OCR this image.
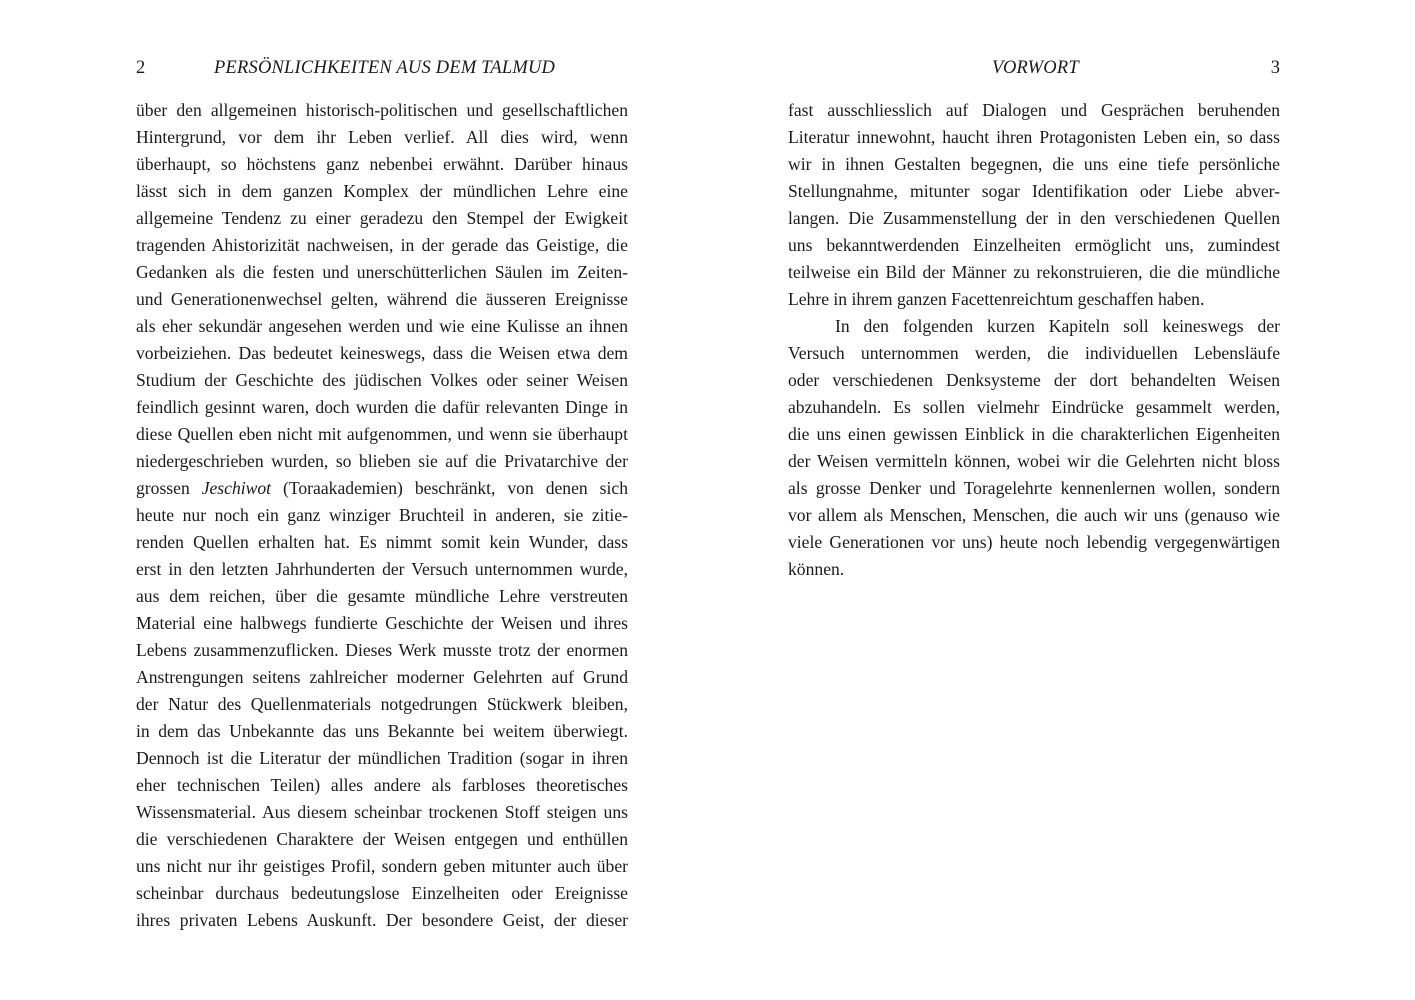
2	PERSÖNLICHKEITEN AUS DEM TALMUD
über den allgemeinen historisch-politischen und gesellschaftlichen
Hintergrund, vor dem ihr Leben verlief. All dies wird, wenn
überhaupt, so höchstens ganz nebenbei erwähnt. Darüber hinaus
lässt sich in dem ganzen Komplex der mündlichen Lehre eine
allgemeine Tendenz zu einer geradezu den Stempel der Ewigkeit
tragenden Ahistorizität nachweisen, in der gerade das Geistige, die
Gedanken als die festen und unerschütterlichen Säulen im Zeiten-
und Generationenwechsel gelten, während die äusseren Ereignisse
als eher sekundär angesehen werden und wie eine Kulisse an ihnen
vorbeiziehen. Das bedeutet keineswegs, dass die Weisen etwa dem
Studium der Geschichte des jüdischen Volkes oder seiner Weisen
feindlich gesinnt waren, doch wurden die dafür relevanten Dinge in
diese Quellen eben nicht mit aufgenommen, und wenn sie überhaupt
niedergeschrieben wurden, so blieben sie auf die Privatarchive der
grossen Jeschiwot (Toraakademien) beschränkt, von denen sich
heute nur noch ein ganz winziger Bruchteil in anderen, sie zitie-
renden Quellen erhalten hat. Es nimmt somit kein Wunder, dass
erst in den letzten Jahrhunderten der Versuch unternommen wurde,
aus dem reichen, über die gesamte mündliche Lehre verstreuten
Material eine halbwegs fundierte Geschichte der Weisen und ihres
Lebens zusammenzuflicken. Dieses Werk musste trotz der enormen
Anstrengungen seitens zahlreicher moderner Gelehrten auf Grund
der Natur des Quellenmaterials notgedrungen Stückwerk bleiben,
in dem das Unbekannte das uns Bekannte bei weitem überwiegt.
Dennoch ist die Literatur der mündlichen Tradition (sogar in ihren
eher technischen Teilen) alles andere als farbloses theoretisches
Wissensmaterial. Aus diesem scheinbar trockenen Stoff steigen uns
die verschiedenen Charaktere der Weisen entgegen und enthüllen
uns nicht nur ihr geistiges Profil, sondern geben mitunter auch über
scheinbar durchaus bedeutungslose Einzelheiten oder Ereignisse
ihres privaten Lebens Auskunft. Der besondere Geist, der dieser
VORWORT	3
fast ausschliesslich auf Dialogen und Gesprächen beruhenden
Literatur innewohnt, haucht ihren Protagonisten Leben ein, so dass
wir in ihnen Gestalten begegnen, die uns eine tiefe persönliche
Stellungnahme, mitunter sogar Identifikation oder Liebe abver-
langen. Die Zusammenstellung der in den verschiedenen Quellen
uns bekanntwerdenden Einzelheiten ermöglicht uns, zumindest
teilweise ein Bild der Männer zu rekonstruieren, die die mündliche
Lehre in ihrem ganzen Facettenreichtum geschaffen haben.
In den folgenden kurzen Kapiteln soll keineswegs der
Versuch unternommen werden, die individuellen Lebensläufe
oder verschiedenen Denksysteme der dort behandelten Weisen
abzuhandeln. Es sollen vielmehr Eindrücke gesammelt werden,
die uns einen gewissen Einblick in die charakterlichen Eigenheiten
der Weisen vermitteln können, wobei wir die Gelehrten nicht bloss
als grosse Denker und Toragelehrte kennenlernen wollen, sondern
vor allem als Menschen, Menschen, die auch wir uns (genauso wie
viele Generationen vor uns) heute noch lebendig vergegenwärtigen
können.
